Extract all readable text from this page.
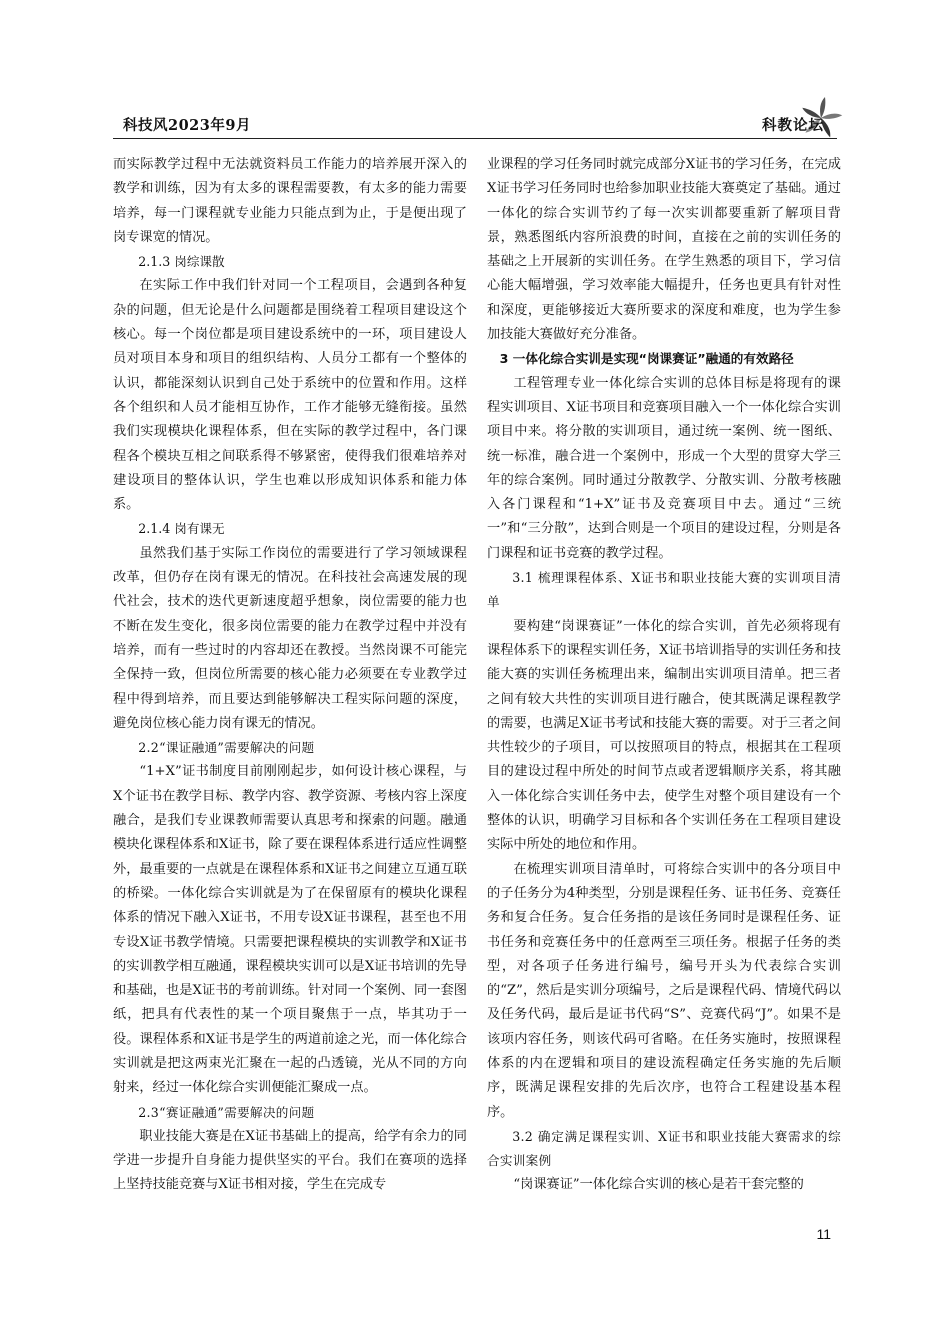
科技风2023年9月	科教论坛

而实际教学过程中无法就资料员工作能力的培养展开深入的教学和训练，因为有太多的课程需要教，有太多的能力需要培养，每一门课程就专业能力只能点到为止，于是便出现了岗专课宽的情况。

2.1.3 岗综课散

在实际工作中我们针对同一个工程项目，会遇到各种复杂的问题，但无论是什么问题都是围绕着工程项目建设这个核心。每一个岗位都是项目建设系统中的一环，项目建设人员对项目本身和项目的组织结构、人员分工都有一个整体的认识，都能深刻认识到自己处于系统中的位置和作用。这样各个组织和人员才能相互协作，工作才能够无缝衔接。虽然我们实现模块化课程体系，但在实际的教学过程中，各门课程各个模块互相之间联系得不够紧密，使得我们很难培养对建设项目的整体认识，学生也难以形成知识体系和能力体系。

2.1.4 岗有课无

虽然我们基于实际工作岗位的需要进行了学习领域课程改革，但仍存在岗有课无的情况。在科技社会高速发展的现代社会，技术的迭代更新速度超乎想象，岗位需要的能力也不断在发生变化，很多岗位需要的能力在教学过程中并没有培养，而有一些过时的内容却还在教授。当然岗课不可能完全保持一致，但岗位所需要的核心能力必须要在专业教学过程中得到培养，而且要达到能够解决工程实际问题的深度，避免岗位核心能力岗有课无的情况。

2.2“课证融通”需要解决的问题

“1+X”证书制度目前刚刚起步，如何设计核心课程，与X个证书在教学目标、教学内容、教学资源、考核内容上深度融合，是我们专业课教师需要认真思考和探索的问题。融通模块化课程体系和X证书，除了要在课程体系进行适应性调整外，最重要的一点就是在课程体系和X证书之间建立互通互联的桥梁。一体化综合实训就是为了在保留原有的模块化课程体系的情况下融入X证书，不用专设X证书课程，甚至也不用专设X证书教学情境。只需要把课程模块的实训教学和X证书的实训教学相互融通，课程模块实训可以是X证书培训的先导和基础，也是X证书的考前训练。针对同一个案例、同一套图纸，把具有代表性的某一个项目聚焦于一点，毕其功于一役。课程体系和X证书是学生的两道前途之光，而一体化综合实训就是把这两束光汇聚在一起的凸透镜，光从不同的方向射来，经过一体化综合实训便能汇聚成一点。

2.3“赛证融通”需要解决的问题

职业技能大赛是在X证书基础上的提高，给学有余力的同学进一步提升自身能力提供坚实的平台。我们在赛项的选择上坚持技能竞赛与X证书相对接，学生在完成专

业课程的学习任务同时就完成部分X证书的学习任务，在完成X证书学习任务同时也给参加职业技能大赛奠定了基础。通过一体化的综合实训节约了每一次实训都要重新了解项目背景，熟悉图纸内容所浪费的时间，直接在之前的实训任务的基础之上开展新的实训任务。在学生熟悉的项目下，学习信心能大幅增强，学习效率能大幅提升，任务也更具有针对性和深度，更能够接近大赛所要求的深度和难度，也为学生参加技能大赛做好充分准备。

3 一体化综合实训是实现“岗课赛证”融通的有效路径

工程管理专业一体化综合实训的总体目标是将现有的课程实训项目、X证书项目和竞赛项目融入一个一体化综合实训项目中来。将分散的实训项目，通过统一案例、统一图纸、统一标准，融合进一个案例中，形成一个大型的贯穿大学三年的综合案例。同时通过分散教学、分散实训、分散考核融入各门课程和“1+X”证书及竞赛项目中去。通过“三统一”和“三分散”，达到合则是一个项目的建设过程，分则是各门课程和证书竞赛的教学过程。

3.1 梳理课程体系、X证书和职业技能大赛的实训项目清单

要构建“岗课赛证”一体化的综合实训，首先必须将现有课程体系下的课程实训任务，X证书培训指导的实训任务和技能大赛的实训任务梳理出来，编制出实训项目清单。把三者之间有较大共性的实训项目进行融合，使其既满足课程教学的需要，也满足X证书考试和技能大赛的需要。对于三者之间共性较少的子项目，可以按照项目的特点，根据其在工程项目的建设过程中所处的时间节点或者逻辑顺序关系，将其融入一体化综合实训任务中去，使学生对整个项目建设有一个整体的认识，明确学习目标和各个实训任务在工程项目建设实际中所处的地位和作用。

在梳理实训项目清单时，可将综合实训中的各分项目中的子任务分为4种类型，分别是课程任务、证书任务、竞赛任务和复合任务。复合任务指的是该任务同时是课程任务、证书任务和竞赛任务中的任意两至三项任务。根据子任务的类型，对各项子任务进行编号，编号开头为代表综合实训的“Z”，然后是实训分项编号，之后是课程代码、情境代码以及任务代码，最后是证书代码“S”、竞赛代码“J”。如果不是该项内容任务，则该代码可省略。在任务实施时，按照课程体系的内在逻辑和项目的建设流程确定任务实施的先后顺序，既满足课程安排的先后次序，也符合工程建设基本程序。

3.2 确定满足课程实训、X证书和职业技能大赛需求的综合实训案例

“岗课赛证”一体化综合实训的核心是若干套完整的

11
